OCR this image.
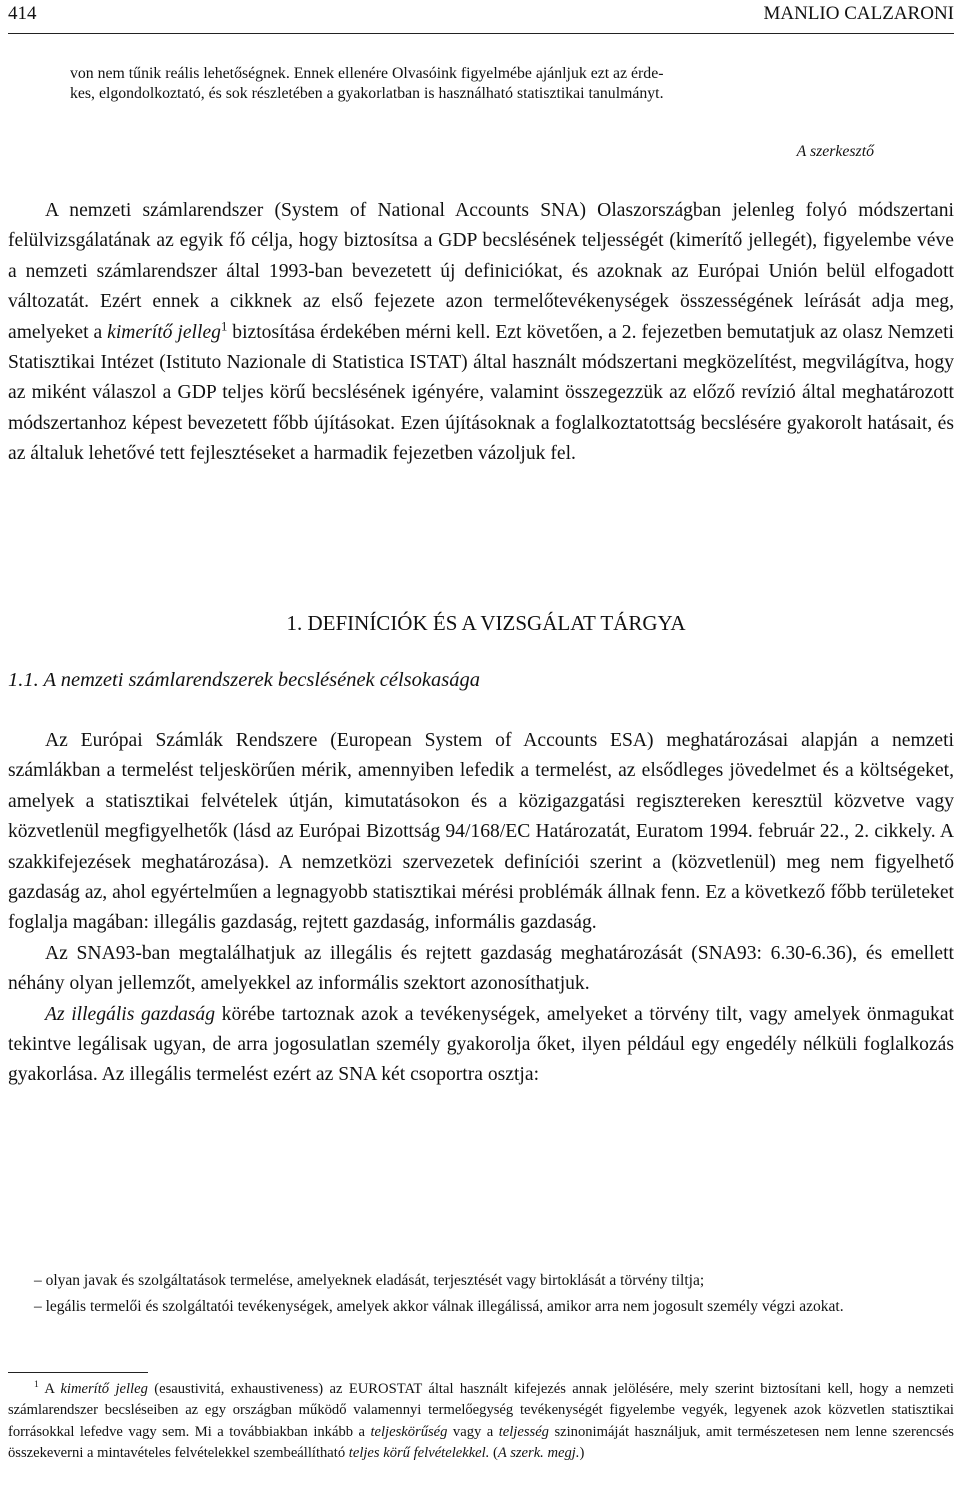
414	MANLIO CALZARONI
von nem tűnik reális lehetőségnek. Ennek ellenére Olvasóink figyelmébe ajánljuk ezt az érde-
kes, elgondolkoztató, és sok részletében a gyakorlatban is használható statisztikai tanulmányt.
A szerkesztő

A nemzeti számlarendszer (System of National Accounts SNA) Olaszországban jelenleg folyó módszertani felülvizsgálatának az egyik fő célja, hogy biztosítsa a GDP becslésének teljességét (kimerítő jellegét), figyelembe véve a nemzeti számlarendszer által 1993-ban bevezetett új definiciókat, és azoknak az Európai Unión belül elfogadott változatát. Ezért ennek a cikknek az első fejezete azon termelőtevékenységek összességének leírását adja meg, amelyeket a kimerítő jelleg$^1$ biztosítása érdekében mérni kell. Ezt követően, a 2. fejezetben bemutatjuk az olasz Nemzeti Statisztikai Intézet (Istituto Nazionale di Statistica ISTAT) által használt módszertani megközelítést, megvilágítva, hogy az miként válaszol a GDP teljes körű becslésének igényére, valamint összegezzük az előző revízió által meghatározott módszertanhoz képest bevezetett főbb újításokat. Ezen újításoknak a foglalkoztatottság becslésére gyakorolt hatásait, és az általuk lehetővé tett fejlesztéseket a harmadik fejezetben vázoljuk fel.

1. DEFINÍCIÓK ÉS A VIZSGÁLAT TÁRGYA
1.1. A nemzeti számlarendszerek becslésének célsokasága

Az Európai Számlák Rendszere (European System of Accounts ESA) meghatározásai alapján a nemzeti számlákban a termelést teljeskörűen mérik, amennyiben lefedik a termelést, az elsődleges jövedelmet és a költségeket, amelyek a statisztikai felvételek útján, kimutatásokon és a közigazgatási regisztereken keresztül közvetve vagy közvetlenül megfigyelhetők (lásd az Európai Bizottság 94/168/EC Határozatát, Euratom 1994. február 22., 2. cikkely. A szakkifejezések meghatározása). A nemzetközi szervezetek definíciói szerint a (közvetlenül) meg nem figyelhető gazdaság az, ahol egyértelműen a legnagyobb statisztikai mérési problémák állnak fenn. Ez a következő főbb területeket foglalja magában: illegális gazdaság, rejtett gazdaság, informális gazdaság.

Az SNA93-ban megtalálhatjuk az illegális és rejtett gazdaság meghatározását (SNA93: 6.30-6.36), és emellett néhány olyan jellemzőt, amelyekkel az informális szektort azonosíthatjuk.

Az illegális gazdaság körébe tartoznak azok a tevékenységek, amelyeket a törvény tilt, vagy amelyek önmagukat tekintve legálisak ugyan, de arra jogosulatlan személy gyakorolja őket, ilyen például egy engedély nélküli foglalkozás gyakorlása. Az illegális termelést ezért az SNA két csoportra osztja:

– olyan javak és szolgáltatások termelése, amelyeknek eladását, terjesztését vagy birtoklását a törvény tiltja;

– legális termelői és szolgáltatói tevékenységek, amelyek akkor válnak illegálissá, amikor arra nem jogosult személy végzi azokat.

$^1$ A kimerítő jelleg (esaustivitá, exhaustiveness) az EUROSTAT által használt kifejezés annak jelölésére, mely szerint biztosítani kell, hogy a nemzeti számlarendszer becsléseiben az egy országban működő valamennyi termelőegység tevékenységét figyelembe vegyék, legyenek azok közvetlen statisztikai forrásokkal lefedve vagy sem. Mi a továbbiakban inkább a teljeskörűség vagy a teljesség szinonimáját használjuk, amit természetesen nem lenne szerencsés összekeverni a mintavételes felvételekkel szembeállítható teljes körű felvételekkel. (A szerk. megj.)
